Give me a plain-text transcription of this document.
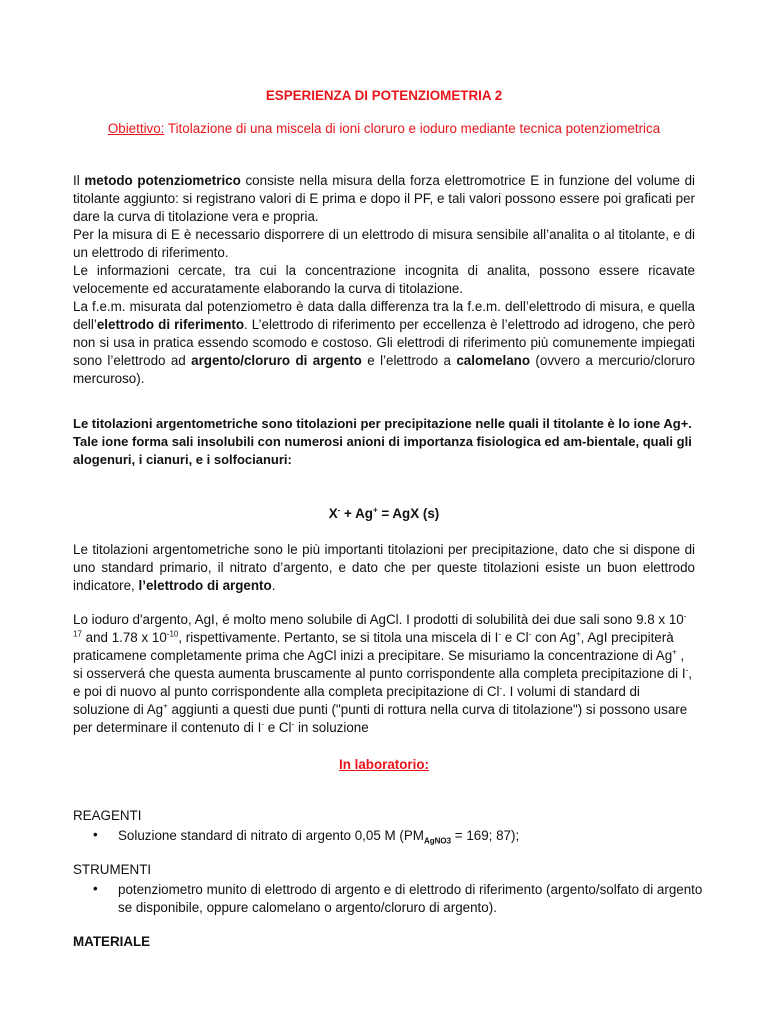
ESPERIENZA DI POTENZIOMETRIA 2
Obiettivo: Titolazione di una miscela di ioni cloruro e ioduro mediante tecnica potenziometrica

Il metodo potenziometrico consiste nella misura della forza elettromotrice E in funzione del volume di titolante aggiunto: si registrano valori di E prima e dopo il PF, e tali valori possono essere poi graficati per dare la curva di titolazione vera e propria.
Per la misura di E è necessario disporrere di un elettrodo di misura sensibile all’analita o al titolante, e di un elettrodo di riferimento.
Le informazioni cercate, tra cui la concentrazione incognita di analita, possono essere ricavate velocemente ed accuratamente elaborando la curva di titolazione.
La f.e.m. misurata dal potenziometro è data dalla differenza tra la f.e.m. dell’elettrodo di misura, e quella dell’elettrodo di riferimento. L’elettrodo di riferimento per eccellenza è l’elettrodo ad idrogeno, che però non si usa in pratica essendo scomodo e costoso. Gli elettrodi di riferimento più comunemente impiegati sono l’elettrodo ad argento/cloruro di argento e l’elettrodo a calomelano (ovvero a mercurio/cloruro mercuroso).

Le titolazioni argentometriche sono titolazioni per precipitazione nelle quali il titolante è lo ione Ag+. Tale ione forma sali insolubili con numerosi anioni di importanza fisiologica ed am-bientale, quali gli alogenuri, i cianuri, e i solfocianuri:

X- + Ag+ = AgX (s)

Le titolazioni argentometriche sono le più importanti titolazioni per precipitazione, dato che si dispone di uno standard primario, il nitrato d’argento, e dato che per queste titolazioni esiste un buon elettrodo indicatore, l’elettrodo di argento.

Lo ioduro d'argento, AgI, é molto meno solubile di AgCl. I prodotti di solubilità dei due sali sono 9.8 x $10^{-17}$ and 1.78 x $10^{-10}$, rispettivamente. Pertanto, se si titola una miscela di I- e Cl- con Ag+, AgI precipiterà praticamene completamente prima che AgCl inizi a precipitare. Se misuriamo la concentrazione di Ag+ , si osserverá che questa aumenta bruscamente al punto corrispondente alla completa precipitazione di I-, e poi di nuovo al punto corrispondente alla completa precipitazione di Cl-. I volumi di standard di soluzione di Ag+ aggiunti a questi due punti ("punti di rottura nella curva di titolazione") si possono usare per determinare il contenuto di I- e Cl- in soluzione

In laboratorio:
REAGENTI
• Soluzione standard di nitrato di argento 0,05 M ($PM_{AgNO3} = 169$; 87);

STRUMENTI
• potenziometro munito di elettrodo di argento e di elettrodo di riferimento (argento/solfato di argento se disponibile, oppure calomelano o argento/cloruro di argento).

MATERIALE
